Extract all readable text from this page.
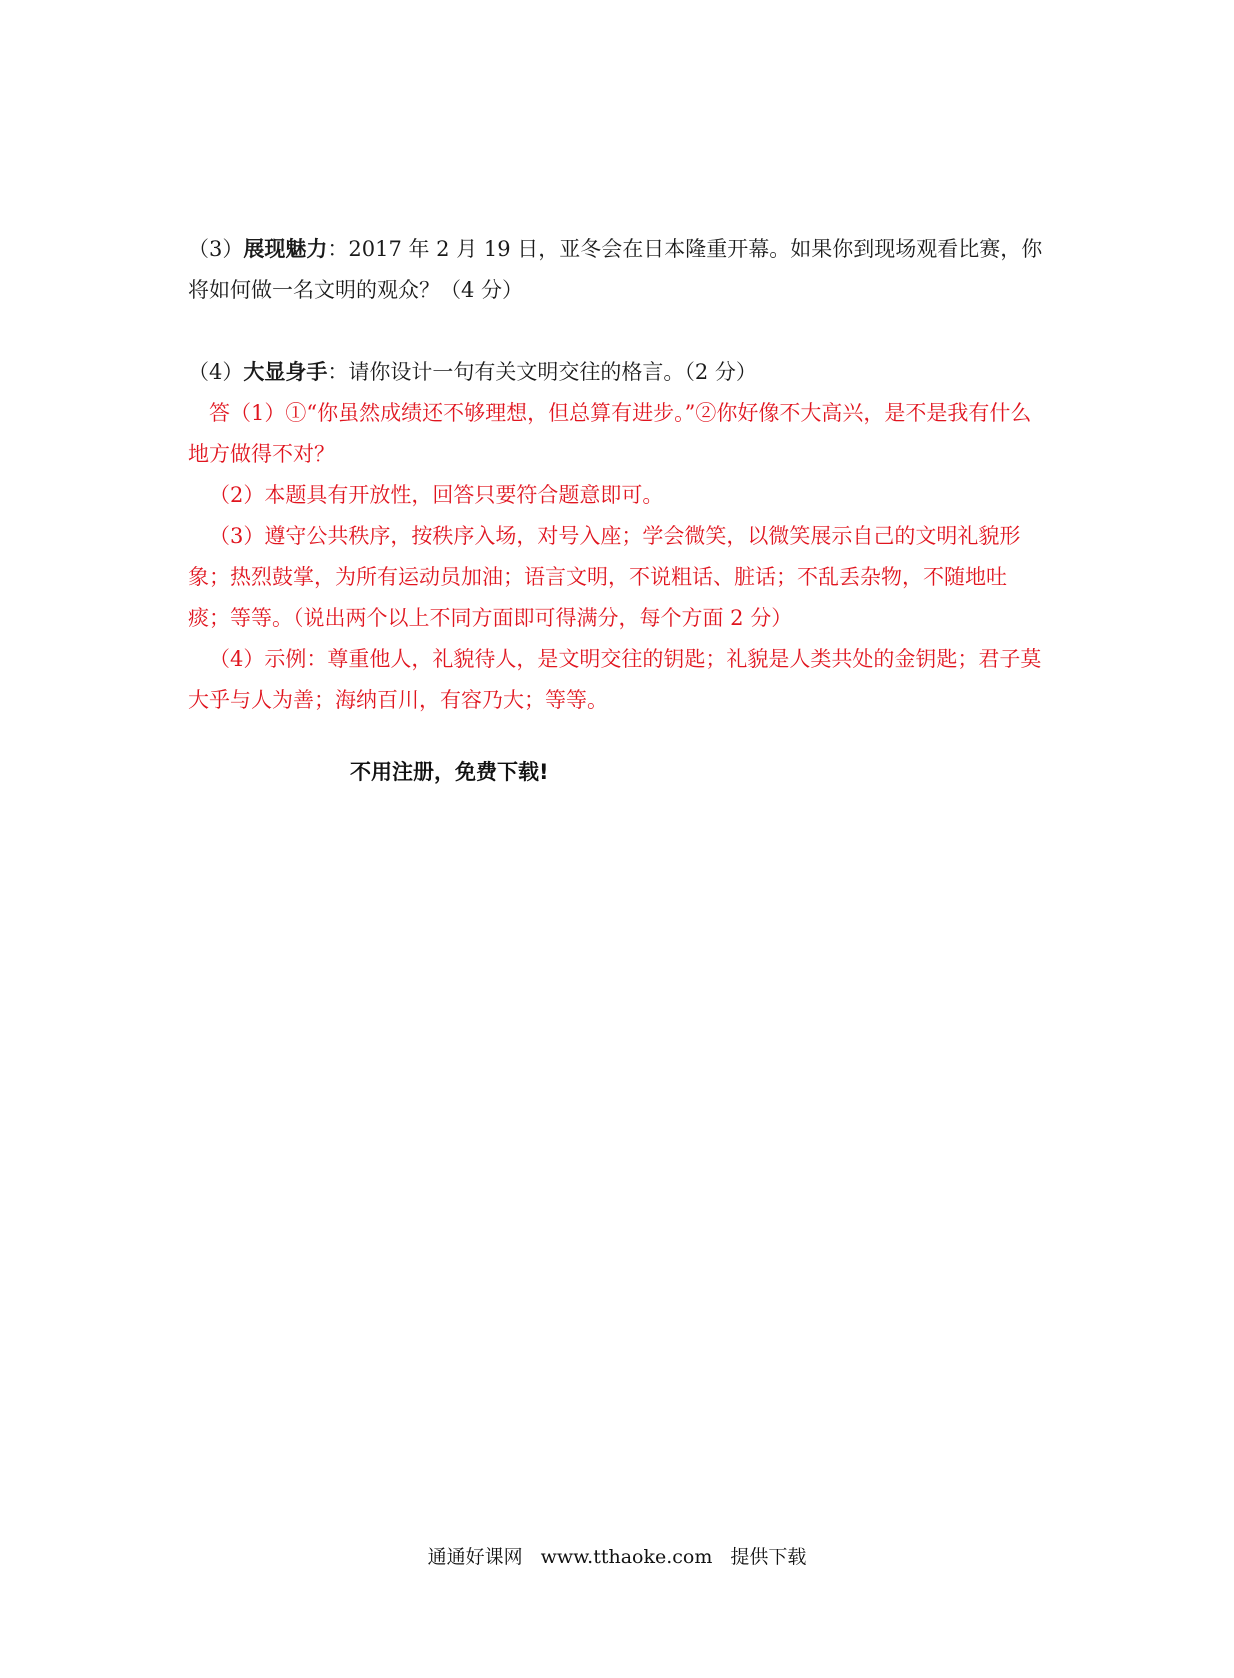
（3）展现魅力：2017 年 2 月 19 日，亚冬会在日本隆重开幕。如果你到现场观看比赛，你将如何做一名文明的观众？（4 分）

（4）大显身手：请你设计一句有关文明交往的格言。（2 分）

答（1）①“你虽然成绩还不够理想，但总算有进步。”②你好像不大高兴，是不是我有什么地方做得不对？

（2）本题具有开放性，回答只要符合题意即可。

（3）遵守公共秩序，按秩序入场，对号入座；学会微笑，以微笑展示自己的文明礼貌形象；热烈鼓掌，为所有运动员加油；语言文明，不说粗话、脏话；不乱丢杂物，不随地吐痰；等等。（说出两个以上不同方面即可得满分，每个方面 2 分）

（4）示例：尊重他人，礼貌待人，是文明交往的钥匙；礼貌是人类共处的金钥匙；君子莫大乎与人为善；海纳百川，有容乃大；等等。

不用注册，免费下载!
通通好课网 www.tthaoke.com 提供下载
